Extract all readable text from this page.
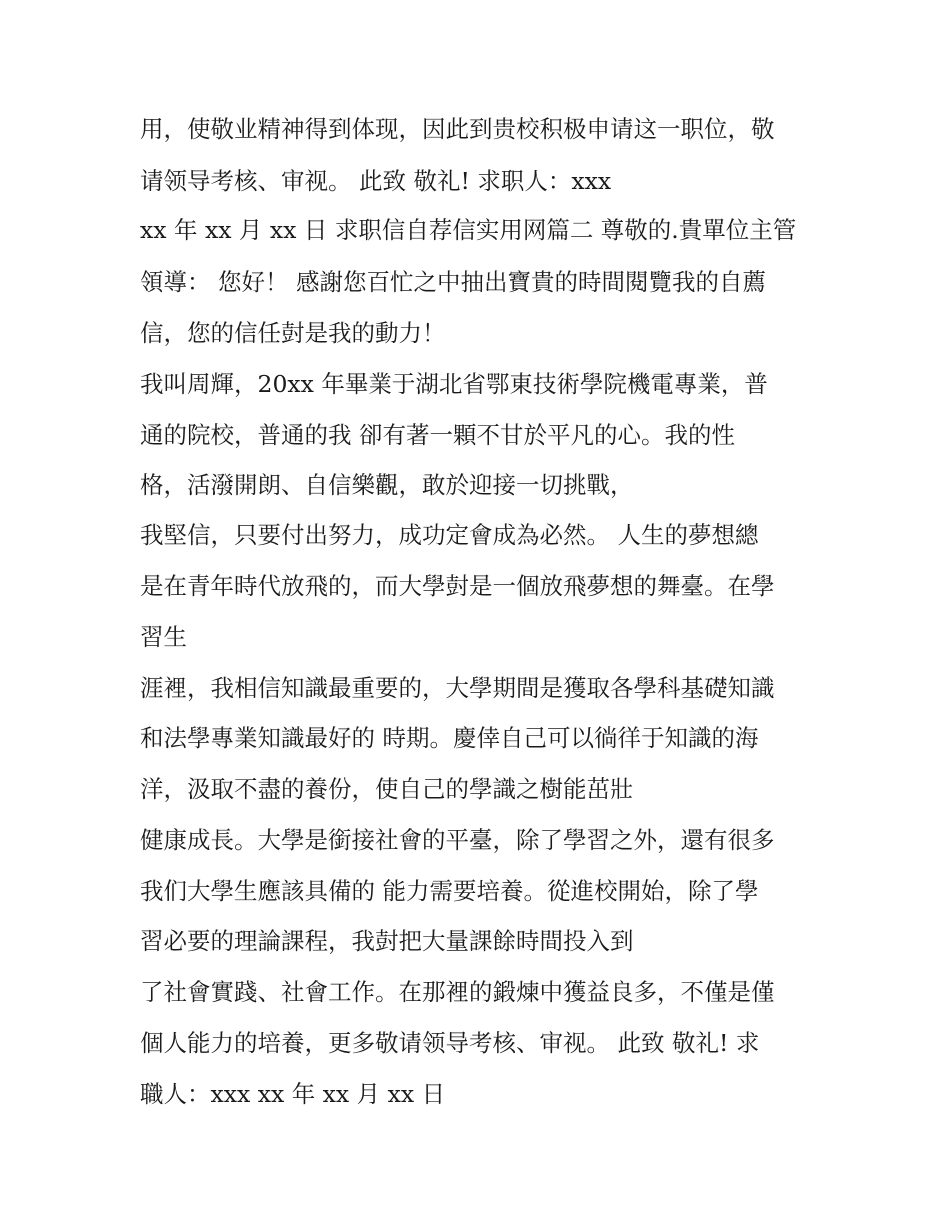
用，使敬业精神得到体现，因此到贵校积极申请这一职位，敬
请领导考核、审视。 此致 敬礼! 求职人：xxx
xx 年 xx 月 xx 日 求职信自荐信实用网篇二 尊敬的.貴單位主管
領導： 您好！ 感謝您百忙之中抽出寶貴的時間閱覽我的自薦
信，您的信任尌是我的動力！
我叫周輝，20xx 年畢業于湖北省鄂東技術學院機電專業，普
通的院校，普通的我 卻有著一顆不甘於平凡的心。我的性
格，活潑開朗、自信樂觀，敢於迎接一切挑戰，
我堅信，只要付出努力，成功定會成為必然。 人生的夢想總
是在青年時代放飛的，而大學尌是一個放飛夢想的舞臺。在學
習生
涯裡，我相信知識最重要的，大學期間是獲取各學科基礎知識
和法學專業知識最好的 時期。慶倖自己可以徜徉于知識的海
洋，汲取不盡的養份，使自己的學識之樹能茁壯
健康成長。大學是銜接社會的平臺，除了學習之外，還有很多
我们大學生應該具備的 能力需要培養。從進校開始，除了學
習必要的理論課程，我尌把大量課餘時間投入到
了社會實踐、社會工作。在那裡的鍛煉中獲益良多，不僅是僅
個人能力的培養，更多敬请领导考核、审视。 此致 敬礼! 求
職人：xxx xx 年 xx 月 xx 日
